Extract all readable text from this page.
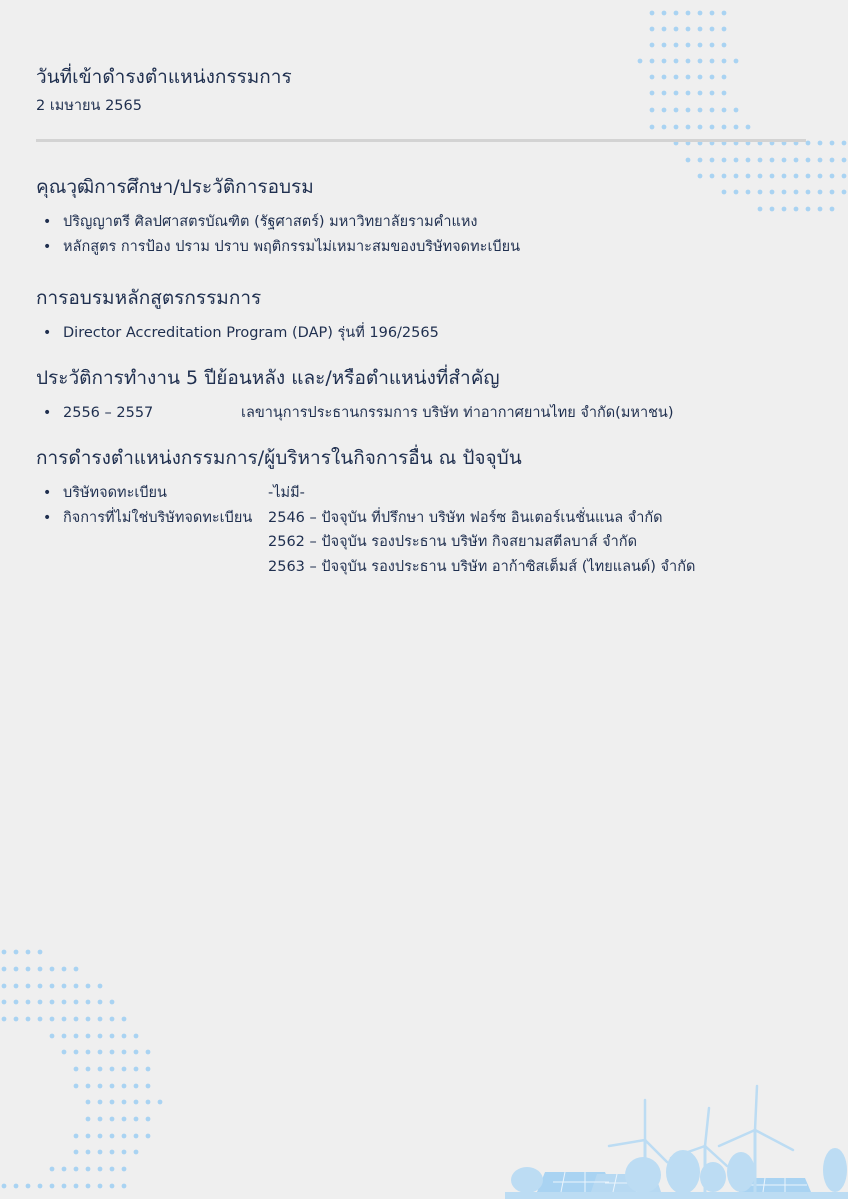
วันที่เข้าดำรงตำแหน่งกรรมการ
2 เมษายน 2565
คุณวุฒิการศึกษา/ประวัติการอบรม
• ปริญญาตรี ศิลปศาสตรบัณฑิต (รัฐศาสตร์) มหาวิทยาลัยรามคำแหง
• หลักสูตร การป้อง ปราม ปราบ พฤติกรรมไม่เหมาะสมของบริษัทจดทะเบียน
การอบรมหลักสูตรกรรมการ
• Director Accreditation Program (DAP) รุ่นที่ 196/2565
ประวัติการทำงาน 5 ปีย้อนหลัง และ/หรือตำแหน่งที่สำคัญ
• 2556 – 2557	เลขานุการประธานกรรมการ บริษัท ท่าอากาศยานไทย จำกัด(มหาชน)
การดำรงตำแหน่งกรรมการ/ผู้บริหารในกิจการอื่น ณ ปัจจุบัน
• บริษัทจดทะเบียน	-ไม่มี-
• กิจการที่ไม่ใช่บริษัทจดทะเบียน	2546 – ปัจจุบัน ที่ปรึกษา บริษัท ฟอร์ซ อินเตอร์เนชั่นแนล จำกัด
2562 – ปัจจุบัน รองประธาน บริษัท กิจสยามสตีลบาส์ จำกัด
2563 – ปัจจุบัน รองประธาน บริษัท อาก้าซิสเต็มส์ (ไทยแลนด์) จำกัด
